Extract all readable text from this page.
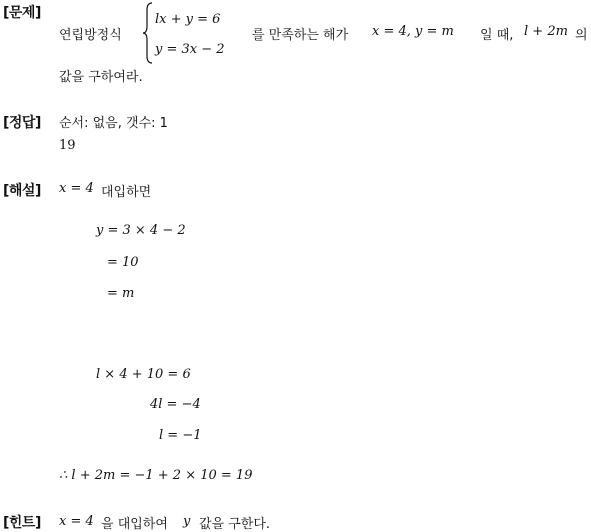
[문제]
연립방정식
lx + y = 6
y = 3x − 2
를 만족하는 해가 x = 4, y = m 일 때, l + 2m 의
값을 구하여라.
[정답] 순서: 없음, 갯수: 1
19
[해설] x = 4 대입하면
y = 3 × 4 − 2
= 10
= m
l × 4 + 10 = 6
4l = −4
l = −1
∴ l + 2m = −1 + 2 × 10 = 19
[힌트] x = 4 을 대입하여 y 값을 구한다.
